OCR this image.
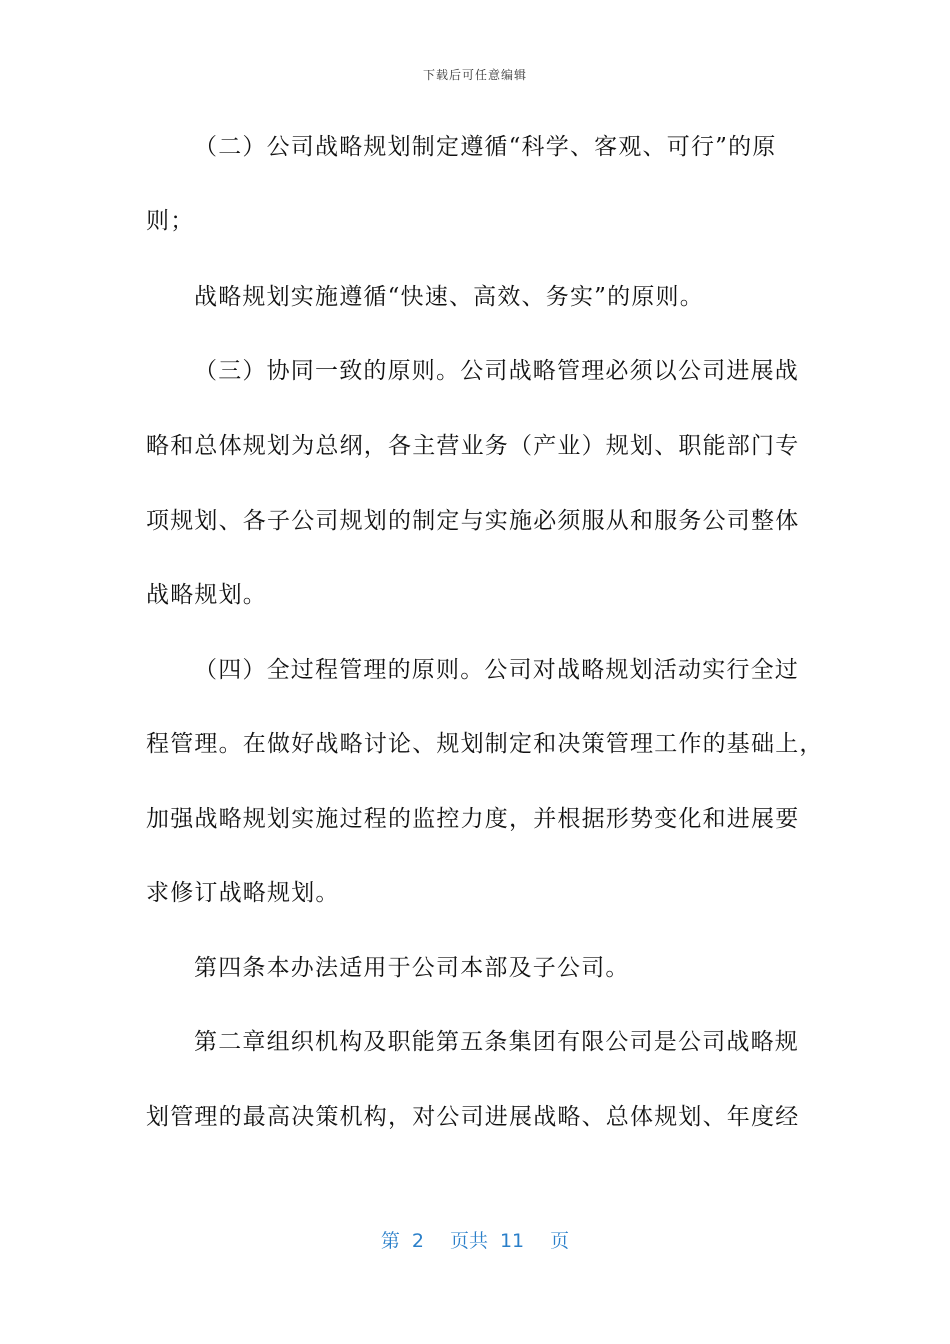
下载后可任意编辑
（二）公司战略规划制定遵循“科学、客观、可行”的原
则；
战略规划实施遵循“快速、高效、务实”的原则。
（三）协同一致的原则。公司战略管理必须以公司进展战
略和总体规划为总纲，各主营业务（产业）规划、职能部门专
项规划、各子公司规划的制定与实施必须服从和服务公司整体
战略规划。
（四）全过程管理的原则。公司对战略规划活动实行全过
程管理。在做好战略讨论、规划制定和决策管理工作的基础上，
加强战略规划实施过程的监控力度，并根据形势变化和进展要
求修订战略规划。
第四条本办法适用于公司本部及子公司。
第二章组织机构及职能第五条集团有限公司是公司战略规
划管理的最高决策机构，对公司进展战略、总体规划、年度经
第 2 页共 11 页
